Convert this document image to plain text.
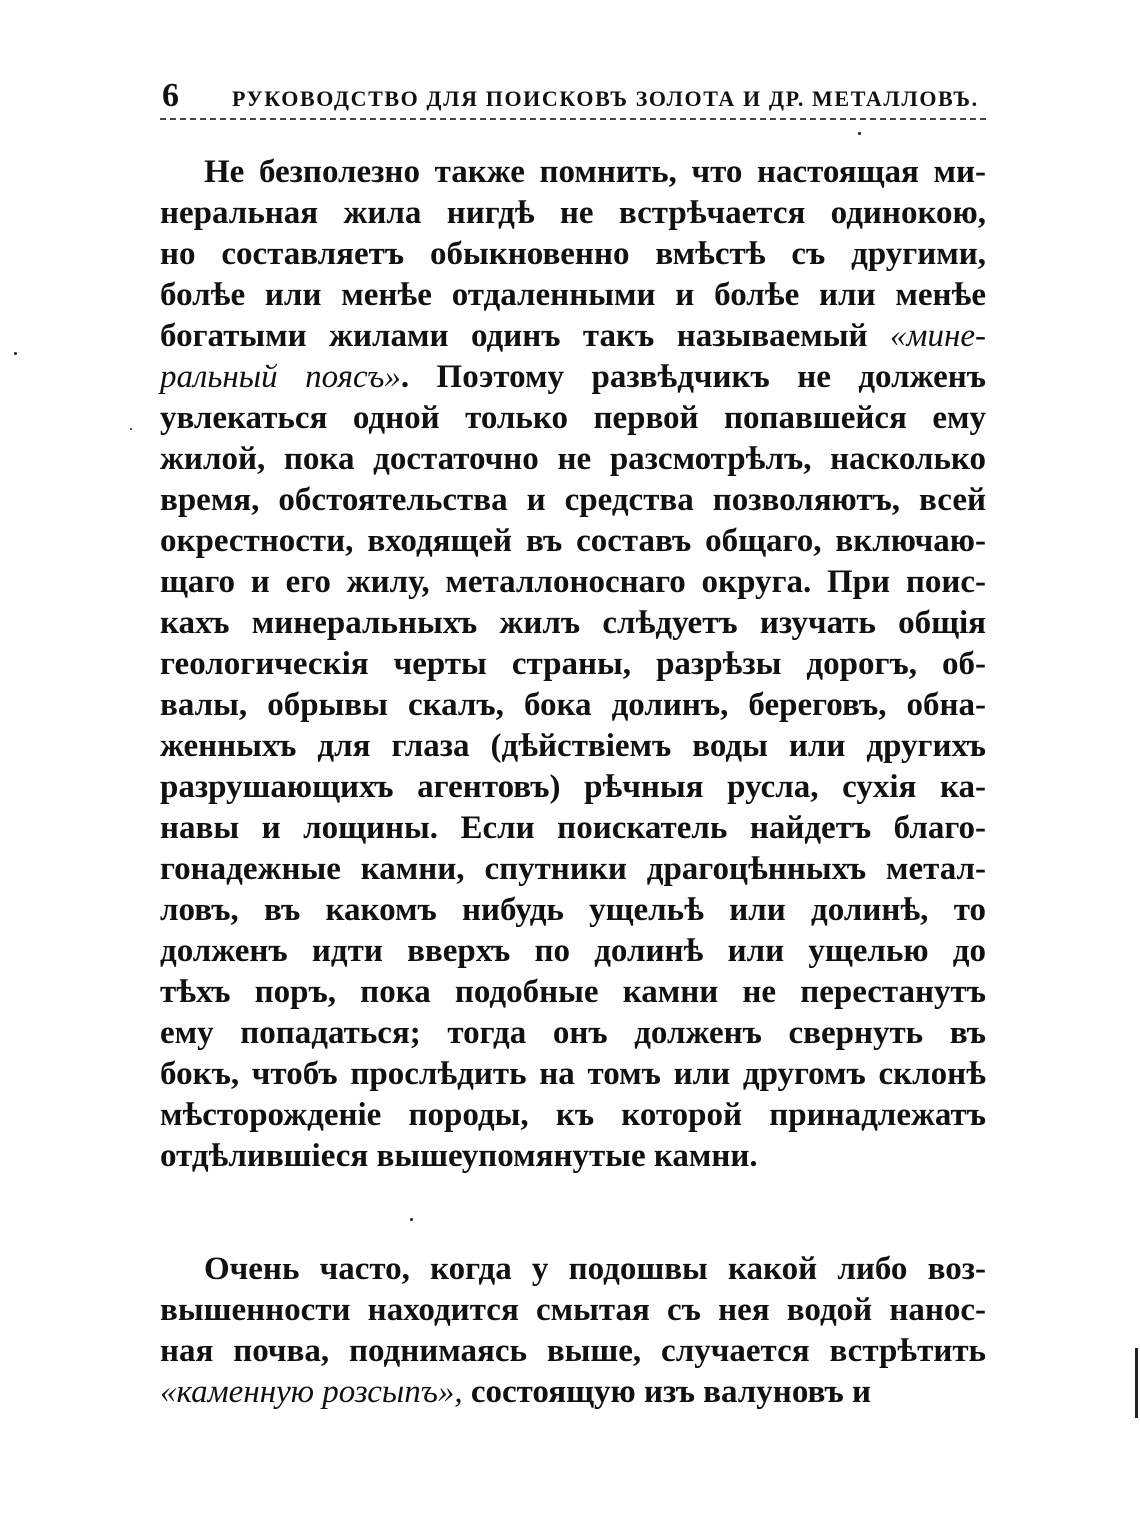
6 РУКОВОДСТВО ДЛЯ ПОИСКОВЪ ЗОЛОТА И ДР. МЕТАЛЛОВЪ.
Не безполезно также помнить, что настоящая ми-
неральная жила нигдѣ не встрѣчается одинокою,
но составляетъ обыкновенно вмѣстѣ съ другими,
болѣе или менѣе отдаленными и болѣе или менѣе
богатыми жилами одинъ такъ называемый «мине-
ральный поясъ». Поэтому развѣдчикъ не долженъ
увлекаться одной только первой попавшейся ему
жилой, пока достаточно не разсмотрѣлъ, насколько
время, обстоятельства и средства позволяютъ, всей
окрестности, входящей въ составъ общаго, включаю-
щаго и его жилу, металлоноснаго округа. При поис-
кахъ минеральныхъ жилъ слѣдуетъ изучать общія
геологическія черты страны, разрѣзы дорогъ, об-
валы, обрывы скалъ, бока долинъ, береговъ, обна-
женныхъ для глаза (дѣйствіемъ воды или другихъ
разрушающихъ агентовъ) рѣчныя русла, сухія ка-
навы и лощины. Если поискатель найдетъ благо-
гонадежные камни, спутники драгоцѣнныхъ метал-
ловъ, въ какомъ нибудь ущельѣ или долинѣ, то
долженъ идти вверхъ по долинѣ или ущелью до
тѣхъ поръ, пока подобные камни не перестанутъ
ему попадаться; тогда онъ долженъ свернуть въ
бокъ, чтобъ прослѣдить на томъ или другомъ склонѣ
мѣсторожденіе породы, къ которой принадлежатъ
отдѣлившіеся вышеупомянутые камни.
Очень часто, когда у подошвы какой либо воз-
вышенности находится смытая съ нея водой нанос-
ная почва, поднимаясь выше, случается встрѣтить
«каменную розсыпъ», состоящую изъ валуновъ и
